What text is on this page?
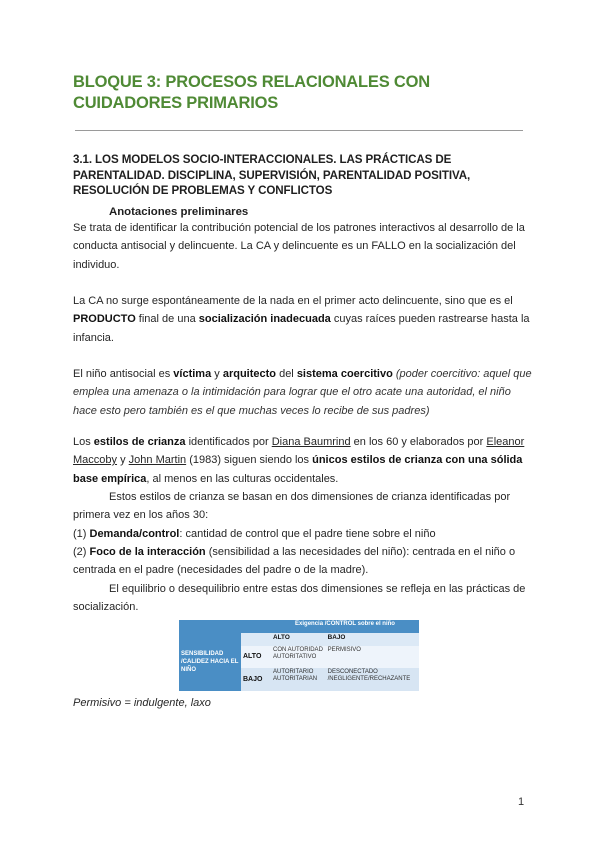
BLOQUE 3: PROCESOS RELACIONALES CON CUIDADORES PRIMARIOS
3.1. LOS MODELOS SOCIO-INTERACCIONALES. LAS PRÁCTICAS DE PARENTALIDAD. DISCIPLINA, SUPERVISIÓN, PARENTALIDAD POSITIVA, RESOLUCIÓN DE PROBLEMAS Y CONFLICTOS
Anotaciones preliminares

Se trata de identificar la contribución potencial de los patrones interactivos al desarrollo de la conducta antisocial y delincuente. La CA y delincuente es un FALLO en la socialización del individuo.

La CA no surge espontáneamente de la nada en el primer acto delincuente, sino que es el PRODUCTO final de una socialización inadecuada cuyas raíces pueden rastrearse hasta la infancia.

El niño antisocial es víctima y arquitecto del sistema coercitivo (poder coercitivo: aquel que emplea una amenaza o la intimidación para lograr que el otro acate una autoridad, el niño hace esto pero también es el que muchas veces lo recibe de sus padres)

Los estilos de crianza identificados por Diana Baumrind en los 60 y elaborados por Eleanor Maccoby y John Martin (1983) siguen siendo los únicos estilos de crianza con una sólida base empírica, al menos en las culturas occidentales.

Estos estilos de crianza se basan en dos dimensiones de crianza identificadas por primera vez en los años 30:

(1) Demanda/control: cantidad de control que el padre tiene sobre el niño

(2) Foco de la interacción (sensibilidad a las necesidades del niño): centrada en el niño o centrada en el padre (necesidades del padre o de la madre).

El equilibrio o desequilibrio entre estas dos dimensiones se refleja en las prácticas de socialización.

		Exigencia /CONTROL sobre el niño	
SENSIBILIDAD /CALIDEZ HACIA EL NIÑO		ALTO	BAJO
	ALTO	CON AUTORIDAD AUTORITATIVO	PERMISIVO
	BAJO	AUTORITARIO AUTORITARIAN	DESCONECTADO /NEGLIGENTE/RECHAZANTE

Permisivo = indulgente, laxo

1
